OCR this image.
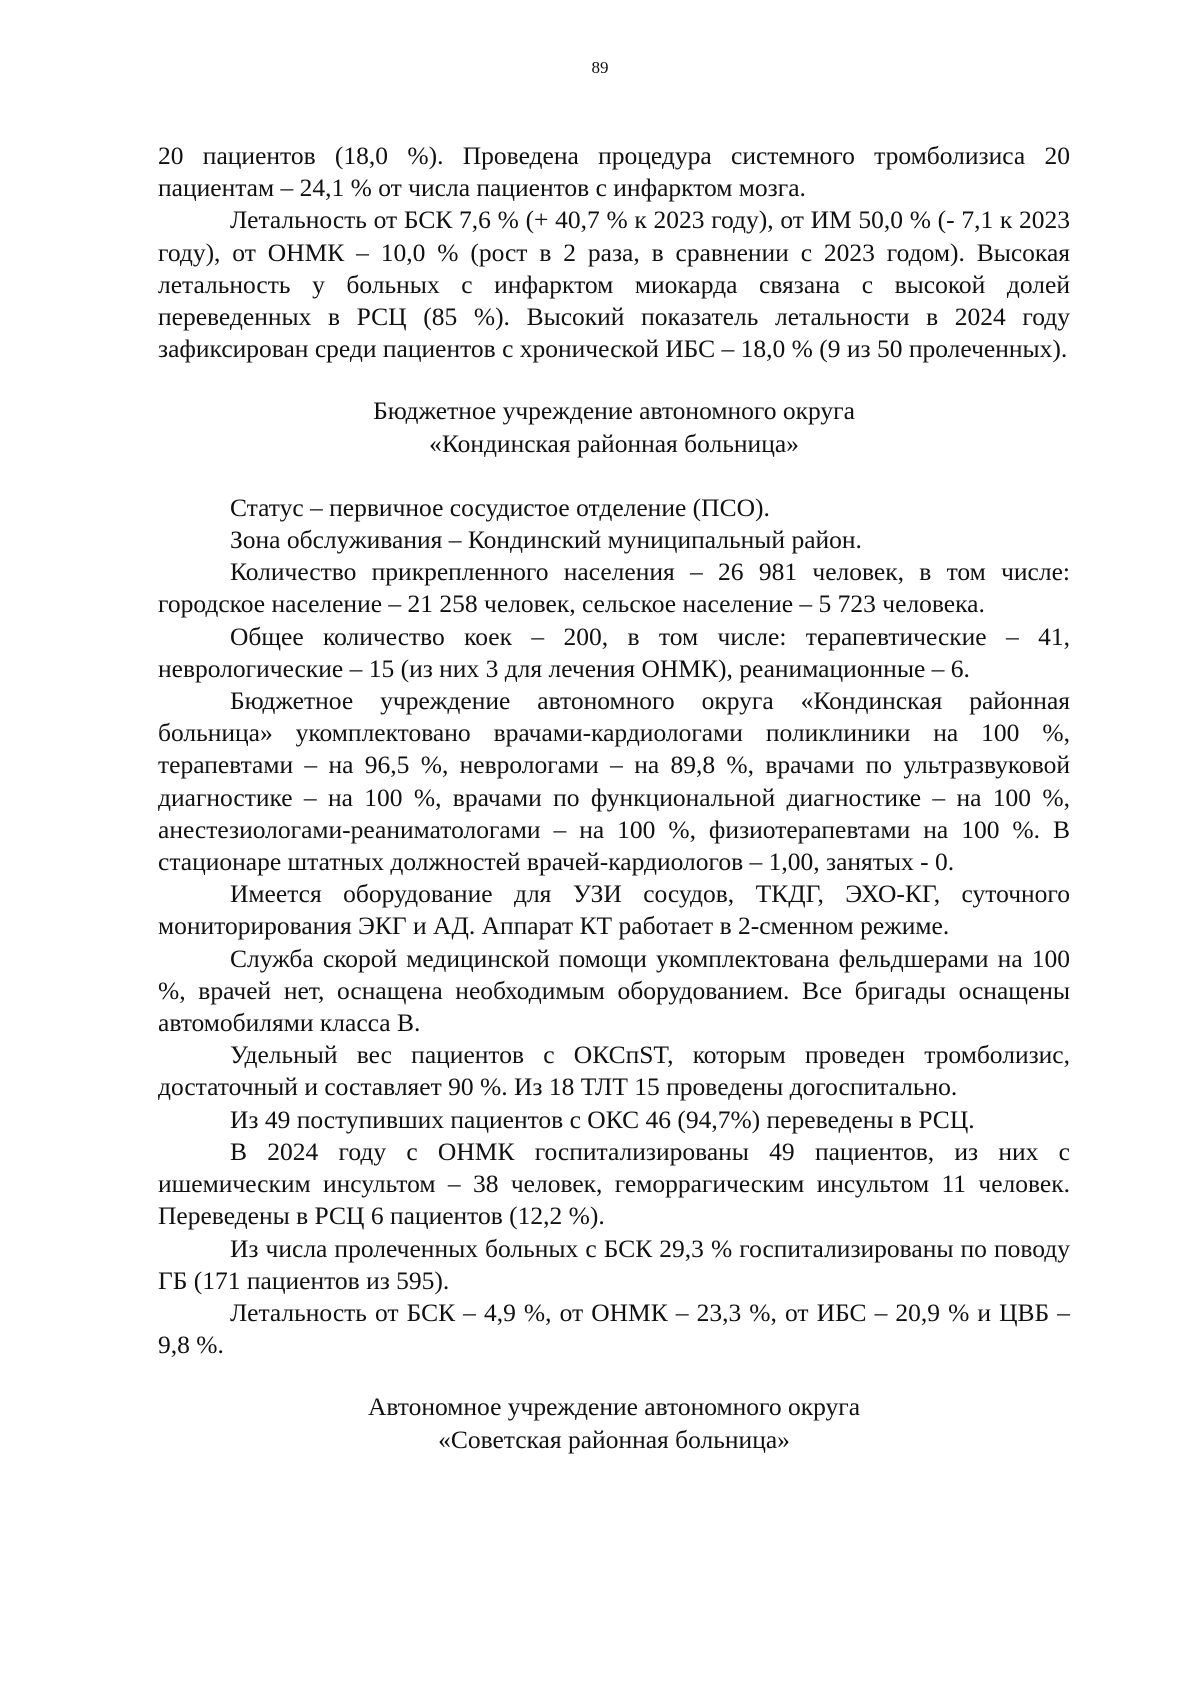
89

20 пациентов (18,0 %). Проведена процедура системного тромболизиса 20 пациентам – 24,1 % от числа пациентов с инфарктом мозга.

Летальность от БСК 7,6 % (+ 40,7 % к 2023 году), от ИМ 50,0 % (- 7,1 к 2023 году), от ОНМК – 10,0 % (рост в 2 раза, в сравнении с 2023 годом). Высокая летальность у больных с инфарктом миокарда связана с высокой долей переведенных в РСЦ (85 %). Высокий показатель летальности в 2024 году зафиксирован среди пациентов с хронической ИБС – 18,0 % (9 из 50 пролеченных).

Бюджетное учреждение автономного округа
«Кондинская районная больница»

Статус – первичное сосудистое отделение (ПСО).

Зона обслуживания – Кондинский муниципальный район.

Количество прикрепленного населения – 26 981 человек, в том числе: городское население – 21 258 человек, сельское население – 5 723 человека.

Общее количество коек – 200, в том числе: терапевтические – 41, неврологические – 15 (из них 3 для лечения ОНМК), реанимационные – 6.

Бюджетное учреждение автономного округа «Кондинская районная больница» укомплектовано врачами-кардиологами поликлиники на 100 %, терапевтами – на 96,5 %, неврологами – на 89,8 %, врачами по ультразвуковой диагностике – на 100 %, врачами по функциональной диагностике – на 100 %, анестезиологами-реаниматологами – на 100 %, физиотерапевтами на 100 %. В стационаре штатных должностей врачей-кардиологов – 1,00, занятых - 0.

Имеется оборудование для УЗИ сосудов, ТКДГ, ЭХО-КГ, суточного мониторирования ЭКГ и АД. Аппарат КТ работает в 2-сменном режиме.

Служба скорой медицинской помощи укомплектована фельдшерами на 100 %, врачей нет, оснащена необходимым оборудованием. Все бригады оснащены автомобилями класса В.

Удельный вес пациентов с ОКСпST, которым проведен тромболизис, достаточный и составляет 90 %. Из 18 ТЛТ 15 проведены догоспитально.

Из 49 поступивших пациентов с ОКС 46 (94,7%) переведены в РСЦ.

В 2024 году с ОНМК госпитализированы 49 пациентов, из них с ишемическим инсультом – 38 человек, геморрагическим инсультом 11 человек. Переведены в РСЦ 6 пациентов (12,2 %).

Из числа пролеченных больных с БСК 29,3 % госпитализированы по поводу ГБ (171 пациентов из 595).

Летальность от БСК – 4,9 %, от ОНМК – 23,3 %, от ИБС – 20,9 % и ЦВБ – 9,8 %.

Автономное учреждение автономного округа
«Советская районная больница»
